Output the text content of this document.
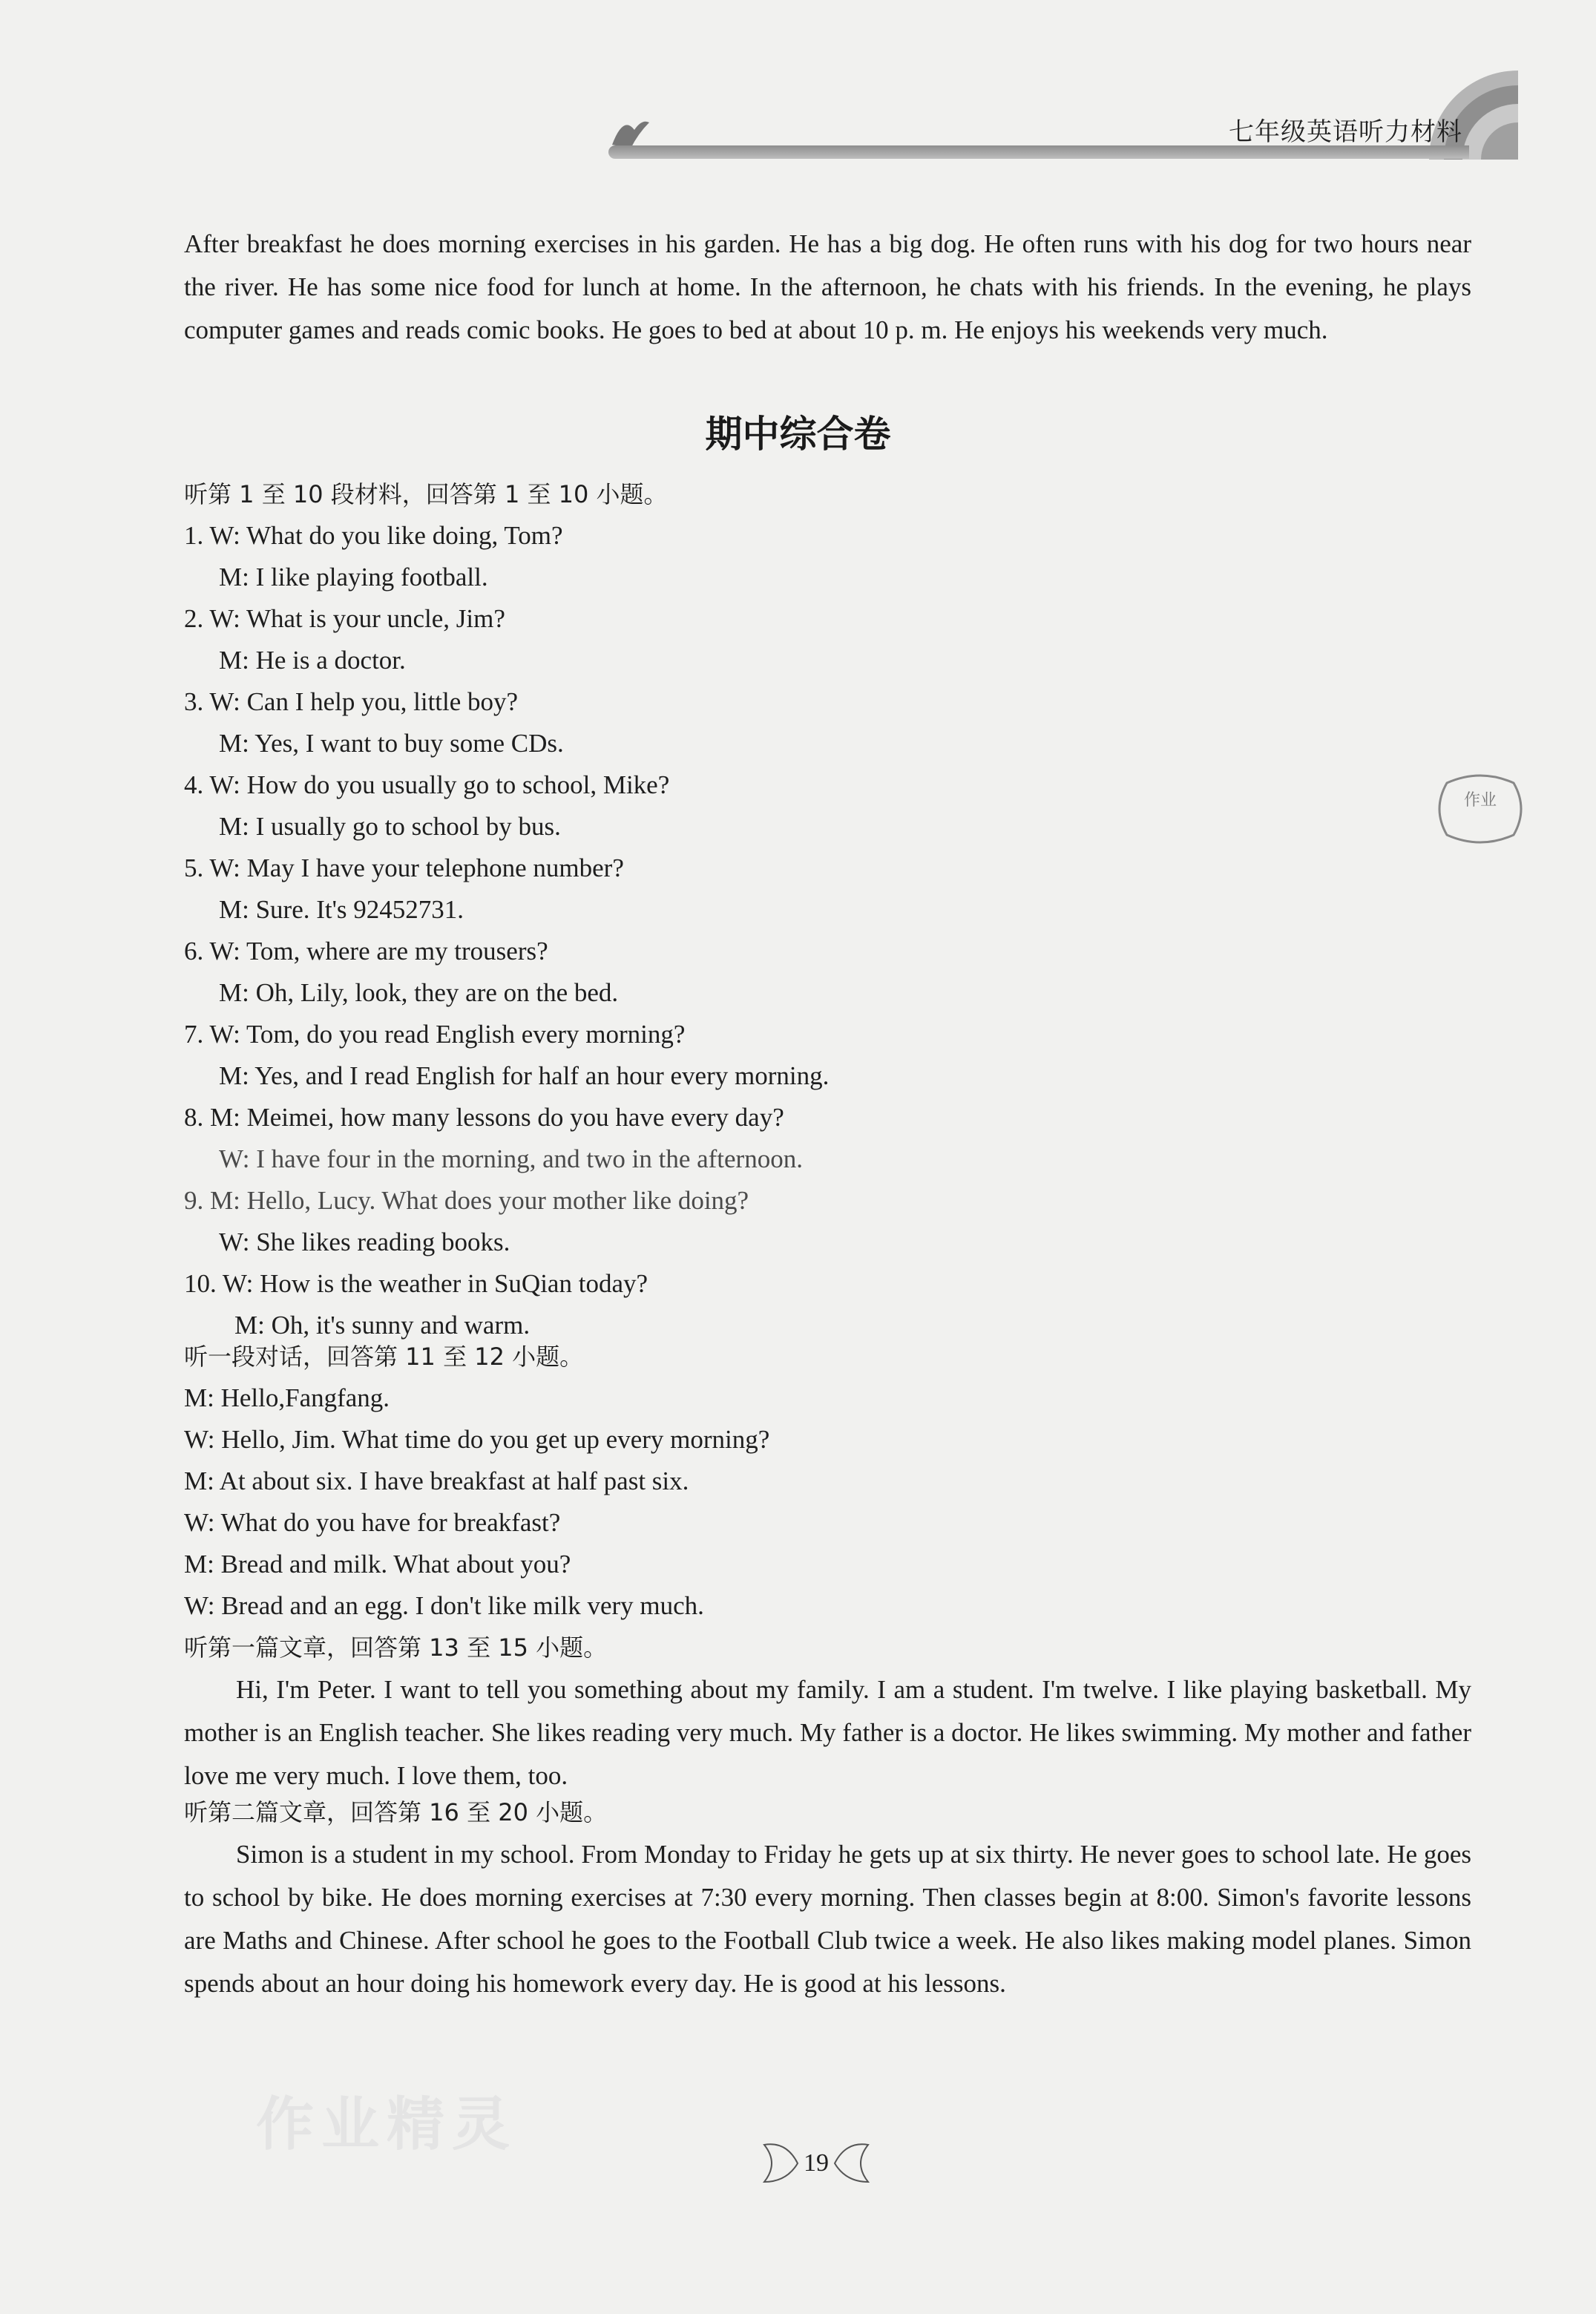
七年级英语听力材料

After breakfast he does morning exercises in his garden. He has a big dog. He often runs with his dog for two hours near the river. He has some nice food for lunch at home. In the afternoon, he chats with his friends. In the evening, he plays computer games and reads comic books. He goes to bed at about 10 p. m. He enjoys his weekends very much.

期中综合卷
听第 1 至 10 段材料，回答第 1 至 10 小题。
1. W: What do you like doing, Tom?
M: I like playing football.
2. W: What is your uncle, Jim?
M: He is a doctor.
3. W: Can I help you, little boy?
M: Yes, I want to buy some CDs.
4. W: How do you usually go to school, Mike?
M: I usually go to school by bus.
5. W: May I have your telephone number?
M: Sure. It's 92452731.
6. W: Tom, where are my trousers?
M: Oh, Lily, look, they are on the bed.
7. W: Tom, do you read English every morning?
M: Yes, and I read English for half an hour every morning.
8. M: Meimei, how many lessons do you have every day?
W: I have four in the morning, and two in the afternoon.
9. M: Hello, Lucy. What does your mother like doing?
W: She likes reading books.
10. W: How is the weather in SuQian today?
M: Oh, it's sunny and warm.
听一段对话，回答第 11 至 12 小题。
M: Hello,Fangfang.
W: Hello, Jim. What time do you get up every morning?
M: At about six. I have breakfast at half past six.
W: What do you have for breakfast?
M: Bread and milk. What about you?
W: Bread and an egg. I don't like milk very much.
听第一篇文章，回答第 13 至 15 小题。

Hi, I'm Peter. I want to tell you something about my family. I am a student. I'm twelve. I like playing basketball. My mother is an English teacher. She likes reading very much. My father is a doctor. He likes swimming. My mother and father love me very much. I love them, too.

听第二篇文章，回答第 16 至 20 小题。

Simon is a student in my school. From Monday to Friday he gets up at six thirty. He never goes to school late. He goes to school by bike. He does morning exercises at 7:30 every morning. Then classes begin at 8:00. Simon's favorite lessons are Maths and Chinese. After school he goes to the Football Club twice a week. He also likes making model planes. Simon spends about an hour doing his homework every day. He is good at his lessons.

作业
作业精灵
19
